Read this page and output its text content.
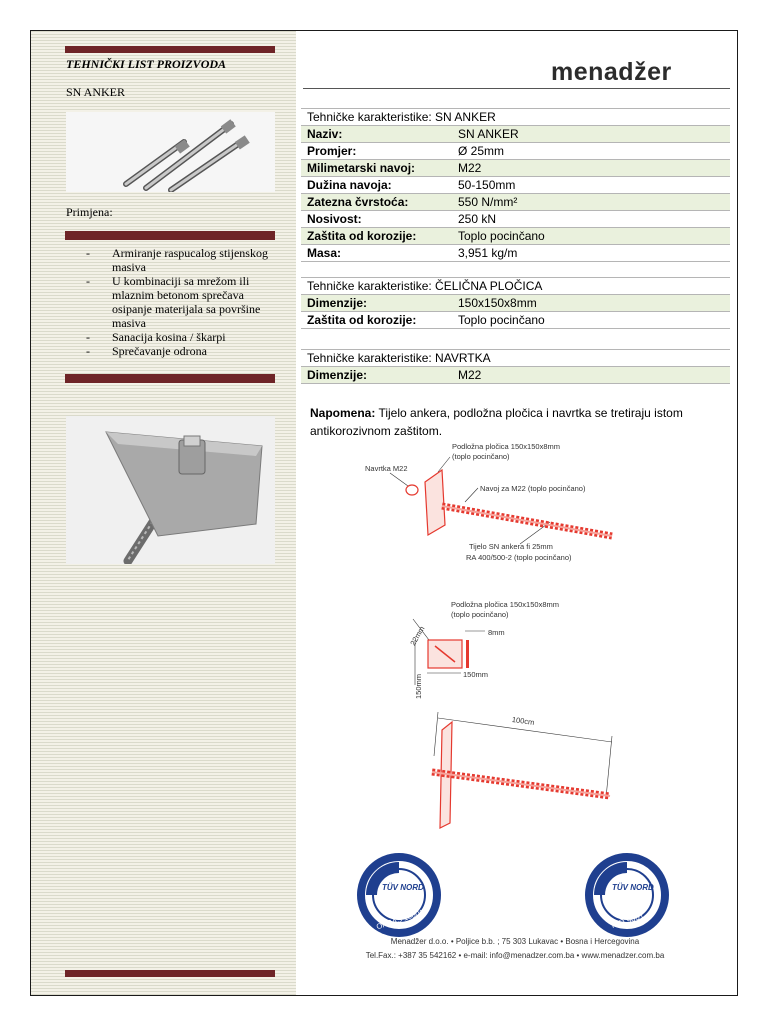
TEHNIČKI LIST PROIZVODA
SN ANKER
Primjena:
- Armiranje raspucalog stijenskog masiva
- U kombinaciji sa mrežom ili mlaznim betonom sprečava osipanje materijala sa površine masiva
- Sanacija kosina / škarpi
- Sprečavanje odrona
menadžer
Tehničke karakteristike: SN ANKER
Naziv:	SN ANKER
Promjer:	Ø 25mm
Milimetarski navoj:	M22
Dužina navoja:	50-150mm
Zatezna čvrstoća:	550 N/mm²
Nosivost:	250 kN
Zaštita od korozije:	Toplo pocinčano
Masa:	3,951 kg/m
Tehničke karakteristike: ČELIČNA PLOČICA
Dimenzije:	150x150x8mm
Zaštita od korozije:	Toplo pocinčano
Tehničke karakteristike: NAVRTKA
Dimenzije:	M22
Napomena: Tijelo ankera, podložna pločica i navrtka se tretiraju istom antikorozivnom zaštitom.
Podložna pločica 150x150x8mm
(toplo pocinčano)
Navrtka M22
Navoj za M22 (toplo pocinčano)
Tijelo SN ankera fi 25mm
RA 400/500-2 (toplo pocinčano)
Podložna pločica 150x150x8mm
(toplo pocinčano)
22mm	8mm
150mm
150mm
100cm
TÜV NORD
OHSAS 18001
TÜV NORD
ISO 9001
Menadžer d.o.o. • Poljice b.b. ; 75 303 Lukavac • Bosna i Hercegovina
Tel.Fax.: +387 35 542162 • e-mail: info@menadzer.com.ba • www.menadzer.com.ba
